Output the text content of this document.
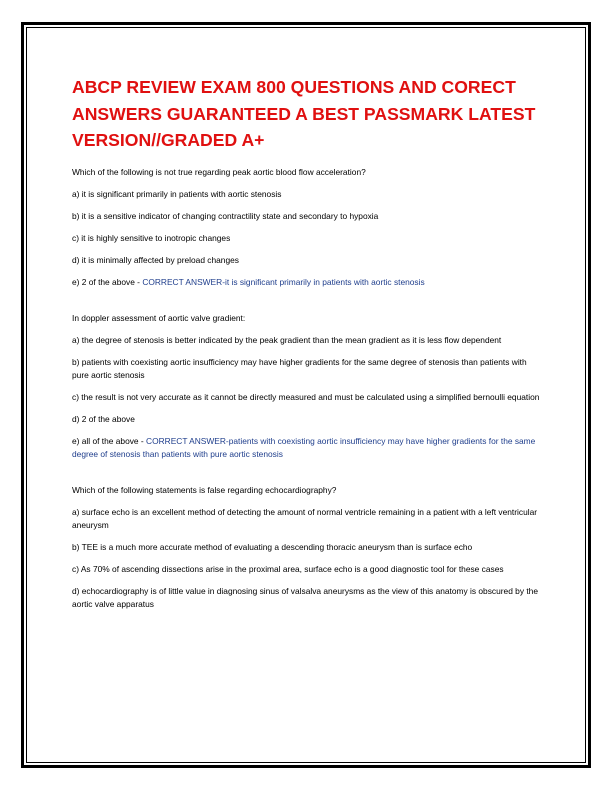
ABCP REVIEW EXAM 800 QUESTIONS AND CORECT ANSWERS GUARANTEED A BEST PASSMARK LATEST VERSION//GRADED A+

Which of the following is not true regarding peak aortic blood flow acceleration?

a) it is significant primarily in patients with aortic stenosis

b) it is a sensitive indicator of changing contractility state and secondary to hypoxia

c) it is highly sensitive to inotropic changes

d) it is minimally affected by preload changes

e) 2 of the above - CORRECT ANSWER-it is significant primarily in patients with aortic stenosis

In doppler assessment of aortic valve gradient:

a) the degree of stenosis is better indicated by the peak gradient than the mean gradient as it is less flow dependent

b) patients with coexisting aortic insufficiency may have higher gradients for the same degree of stenosis than patients with pure aortic stenosis

c) the result is not very accurate as it cannot be directly measured and must be calculated using a simplified bernoulli equation

d) 2 of the above

e) all of the above - CORRECT ANSWER-patients with coexisting aortic insufficiency may have higher gradients for the same degree of stenosis than patients with pure aortic stenosis

Which of the following statements is false regarding echocardiography?

a) surface echo is an excellent method of detecting the amount of normal ventricle remaining in a patient with a left ventricular aneurysm

b) TEE is a much more accurate method of evaluating a descending thoracic aneurysm than is surface echo

c) As 70% of ascending dissections arise in the proximal area, surface echo is a good diagnostic tool for these cases

d) echocardiography is of little value in diagnosing sinus of valsalva aneurysms as the view of this anatomy is obscured by the aortic valve apparatus
